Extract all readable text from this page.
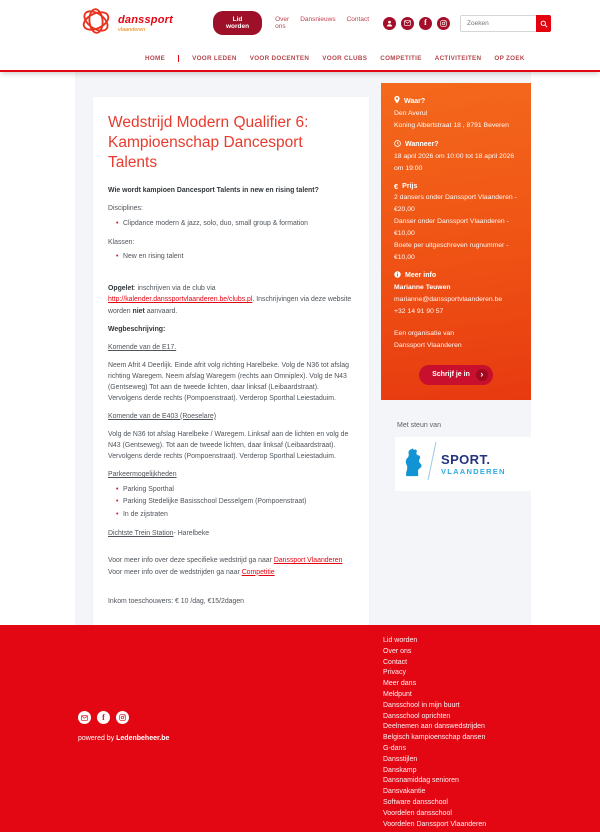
danssport
vlaanderen
Lid worden
Over ons
Dansnieuws Contact	f
Zoeken
HOME	VOOR LEDEN VOOR DOCENTEN VOOR CLUBS COMPETITIE ACTIVITEITEN OP ZOEK
Wedstrijd Modern Qualifier 6: Kampioenschap Dancesport Talents

Wie wordt kampioen Dancesport Talents in new en rising talent?

Disciplines:

• Clipdance modern & jazz, solo, duo, small group & formation

Klassen:

• New en rising talent

Opgelet: inschrijven via de club via http://kalender.danssportvlaanderen.be/clubs.pl. Inschrijvingen via deze website worden niet aanvaard.

Wegbeschrijving:

Komende van de E17.

Neem Afrit 4 Deerlijk. Einde afrit volg richting Harelbeke. Volg de N36 tot afslag richting Waregem. Neem afslag Waregem (rechts aan Omniplex). Volg de N43 (Gentseweg) Tot aan de tweede lichten, daar linksaf (Leibaardstraat). Vervolgens derde rechts (Pompoenstraat). Verderop Sporthal Leiestaduim.

Komende van de E403 (Roeselare)

Volg de N36 tot afslag Harelbeke / Waregem. Linksaf aan de lichten en volg de N43 (Gentseweg). Tot aan de tweede lichten, daar linksaf (Leibaardstraat). Vervolgens derde rechts (Pompoenstraat). Verderop Sporthal Leiestaduim.

Parkeermogelijkheden

• Parking Sporthal
• Parking Stedelijke Basisschool Desselgem (Pompoenstraat)
• In de zijstraten

Dichtste Trein Station- Harelbeke

Voor meer info over deze specifieke wedstrijd ga naar Danssport Vlaanderen

Voor meer info over de wedstrijden ga naar Competitie

Inkom toeschouwers: € 10 /dag, €15/2dagen

Waar?
Den Averul
Koning Albertstraat 18 , 8791 Beveren
Wanneer?
18 april 2026 om 10:00 tot 18 april 2026 om 19:00
€ Prijs
2 dansers onder Danssport Vlaanderen - €20,00
Danser onder Danssport Vlaanderen - €10,00
Boete per uitgeschreven rugnummer - €10,00
Meer info
Marianne Teuwen
marianne@danssportvlaanderen.be
+32 14 91 90 57
Een organisatie van
Danssport Vlaanderen
Schrijf je in	›
Met steun van
SPORT.
VLAANDEREN
Lid worden
Over ons
Contact
Privacy
Meer dans
Meldpunt
Dansschool in mijn buurt
Dansschool oprichten
Deelnemen aan danswedstrijden
Belgisch kampioenschap dansen
G-dans
Dansstijlen
Danskamp
Dansnamiddag senioren
Dansvakantie
Software dansschool
Voordelen dansschool
Voordelen Danssport Vlaanderen
f
powered by Ledenbeheer.be
